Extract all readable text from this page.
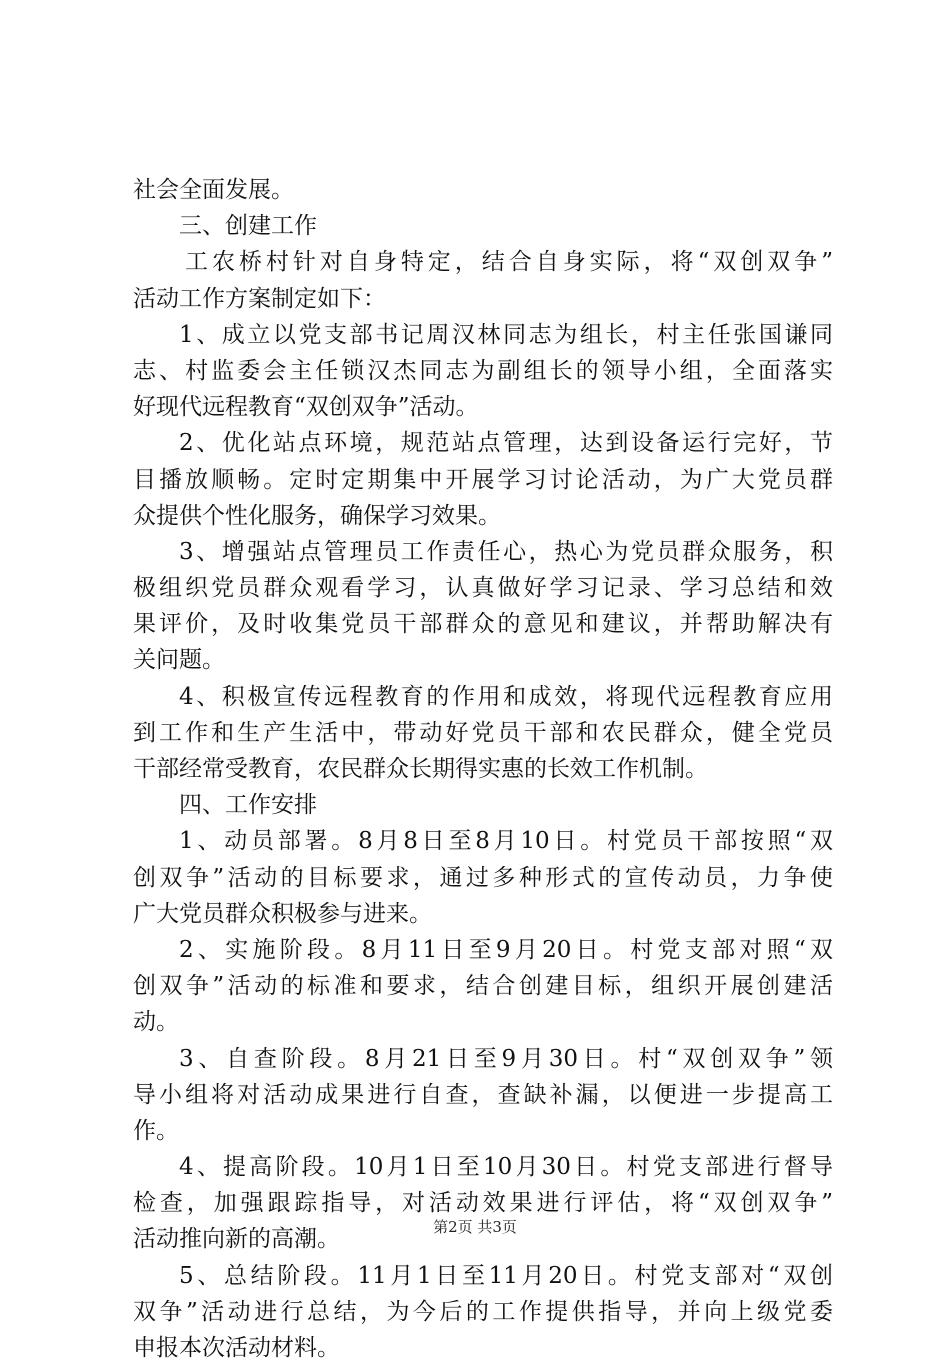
社会全面发展。
三、创建工作
工农桥村针对自身特定，结合自身实际，将“双创双争”
活动工作方案制定如下：
1、成立以党支部书记周汉林同志为组长，村主任张国谦同
志、村监委会主任锁汉杰同志为副组长的领导小组，全面落实
好现代远程教育“双创双争”活动。
2、优化站点环境，规范站点管理，达到设备运行完好，节
目播放顺畅。定时定期集中开展学习讨论活动，为广大党员群
众提供个性化服务，确保学习效果。
3、增强站点管理员工作责任心，热心为党员群众服务，积
极组织党员群众观看学习，认真做好学习记录、学习总结和效
果评价，及时收集党员干部群众的意见和建议，并帮助解决有
关问题。
4、积极宣传远程教育的作用和成效，将现代远程教育应用
到工作和生产生活中，带动好党员干部和农民群众，健全党员
干部经常受教育，农民群众长期得实惠的长效工作机制。
四、工作安排
1、动员部署。8月8日至8月10日。村党员干部按照“双
创双争”活动的目标要求，通过多种形式的宣传动员，力争使
广大党员群众积极参与进来。
2、实施阶段。8月11日至9月20日。村党支部对照“双
创双争”活动的标准和要求，结合创建目标，组织开展创建活
动。
3、自查阶段。8月21日至9月30日。村“双创双争”领
导小组将对活动成果进行自查，查缺补漏，以便进一步提高工
作。
4、提高阶段。10月1日至10月30日。村党支部进行督导
检查，加强跟踪指导，对活动效果进行评估，将“双创双争”
活动推向新的高潮。
5、总结阶段。11月1日至11月20日。村党支部对“双创
双争”活动进行总结，为今后的工作提供指导，并向上级党委
申报本次活动材料。
第2页 共3页
